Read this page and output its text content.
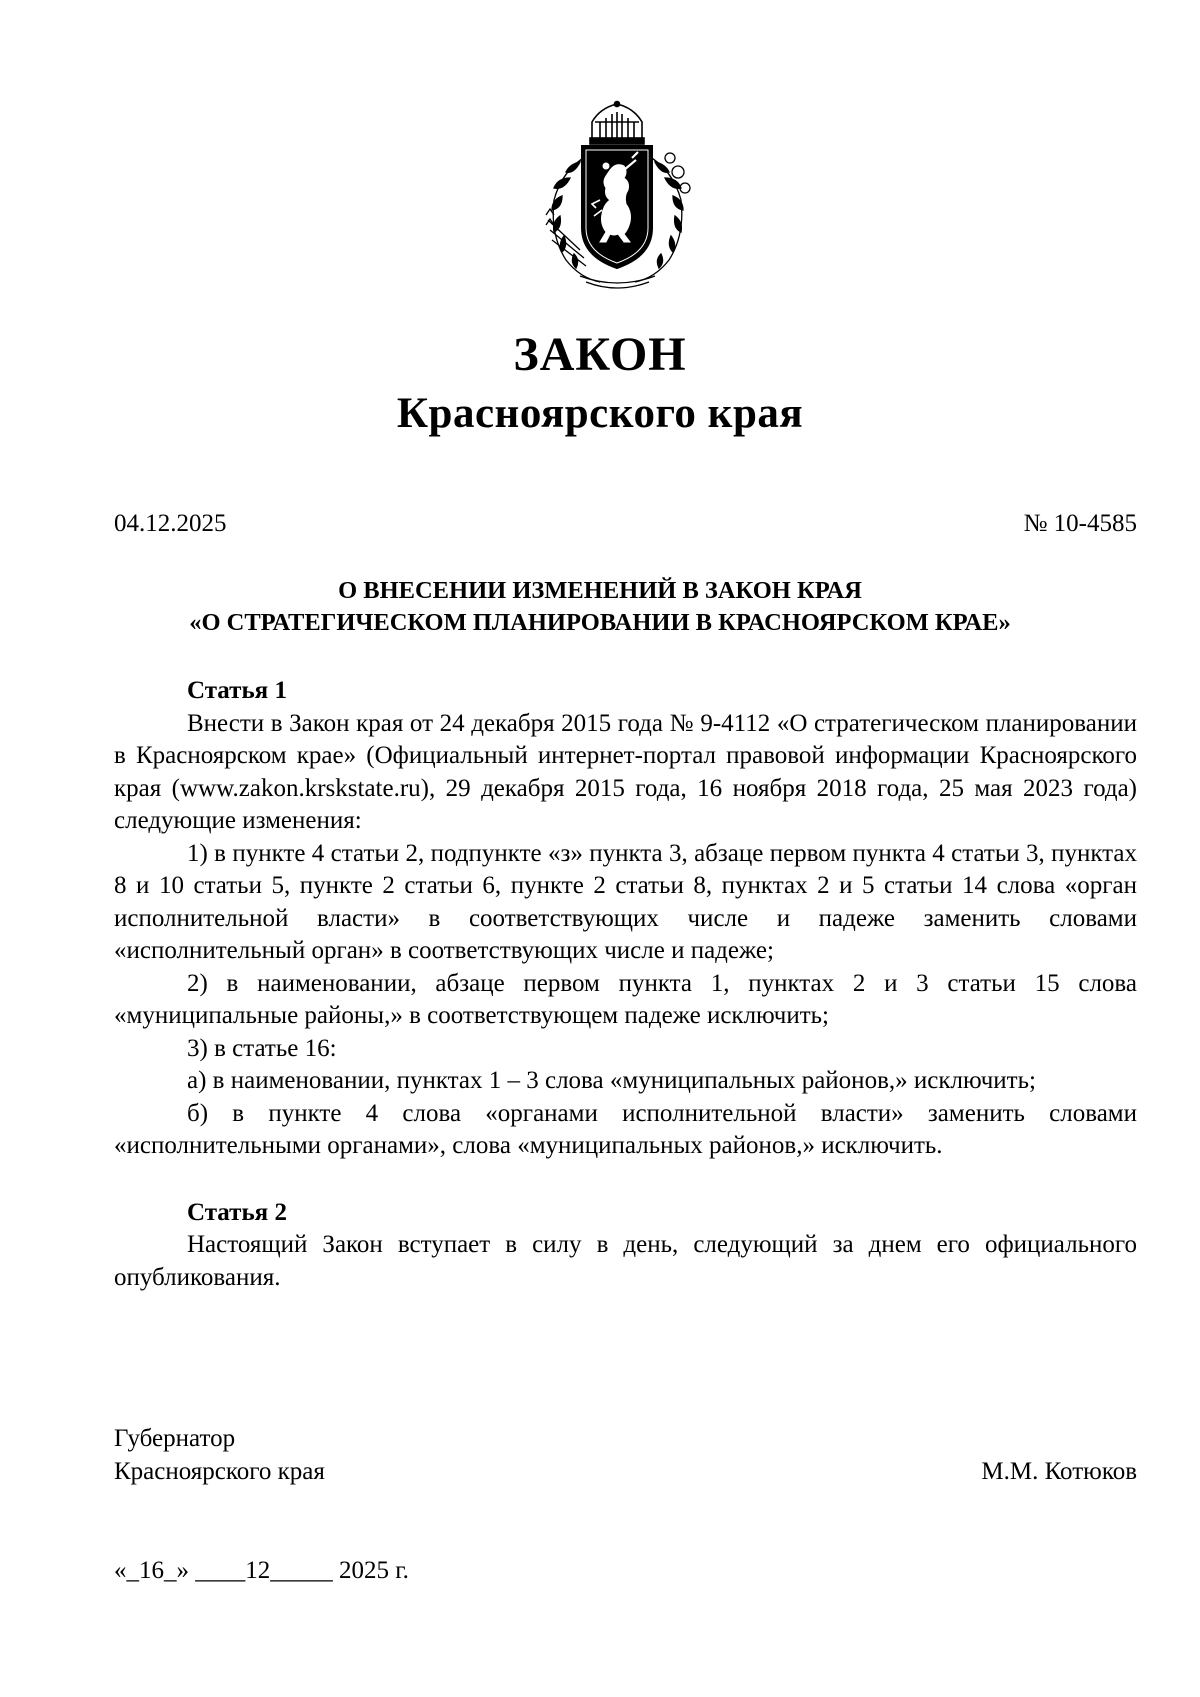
ЗАКОН
Красноярского края
04.12.2025	№ 10-4585
О ВНЕСЕНИИ ИЗМЕНЕНИЙ В ЗАКОН КРАЯ
«О СТРАТЕГИЧЕСКОМ ПЛАНИРОВАНИИ В КРАСНОЯРСКОМ КРАЕ»
Статья 1

Внести в Закон края от 24 декабря 2015 года № 9-4112 «О стратегическом планировании в Красноярском крае» (Официальный интернет-портал правовой информации Красноярского края (www.zakon.krskstate.ru), 29 декабря 2015 года, 16 ноября 2018 года, 25 мая 2023 года) следующие изменения:

1) в пункте 4 статьи 2, подпункте «з» пункта 3, абзаце первом пункта 4 статьи 3, пунктах 8 и 10 статьи 5, пункте 2 статьи 6, пункте 2 статьи 8, пунктах 2 и 5 статьи 14 слова «орган исполнительной власти» в соответствующих числе и падеже заменить словами «исполнительный орган» в соответствующих числе и падеже;

2) в наименовании, абзаце первом пункта 1, пунктах 2 и 3 статьи 15 слова «муниципальные районы,» в соответствующем падеже исключить;

3) в статье 16:

а) в наименовании, пунктах 1 – 3 слова «муниципальных районов,» исключить;

б) в пункте 4 слова «органами исполнительной власти» заменить словами «исполнительными органами», слова «муниципальных районов,» исключить.

Статья 2

Настоящий Закон вступает в силу в день, следующий за днем его официального опубликования.

Губернатор
Красноярского края	М.М. Котюков
«_16_» ____12_____ 2025 г.
